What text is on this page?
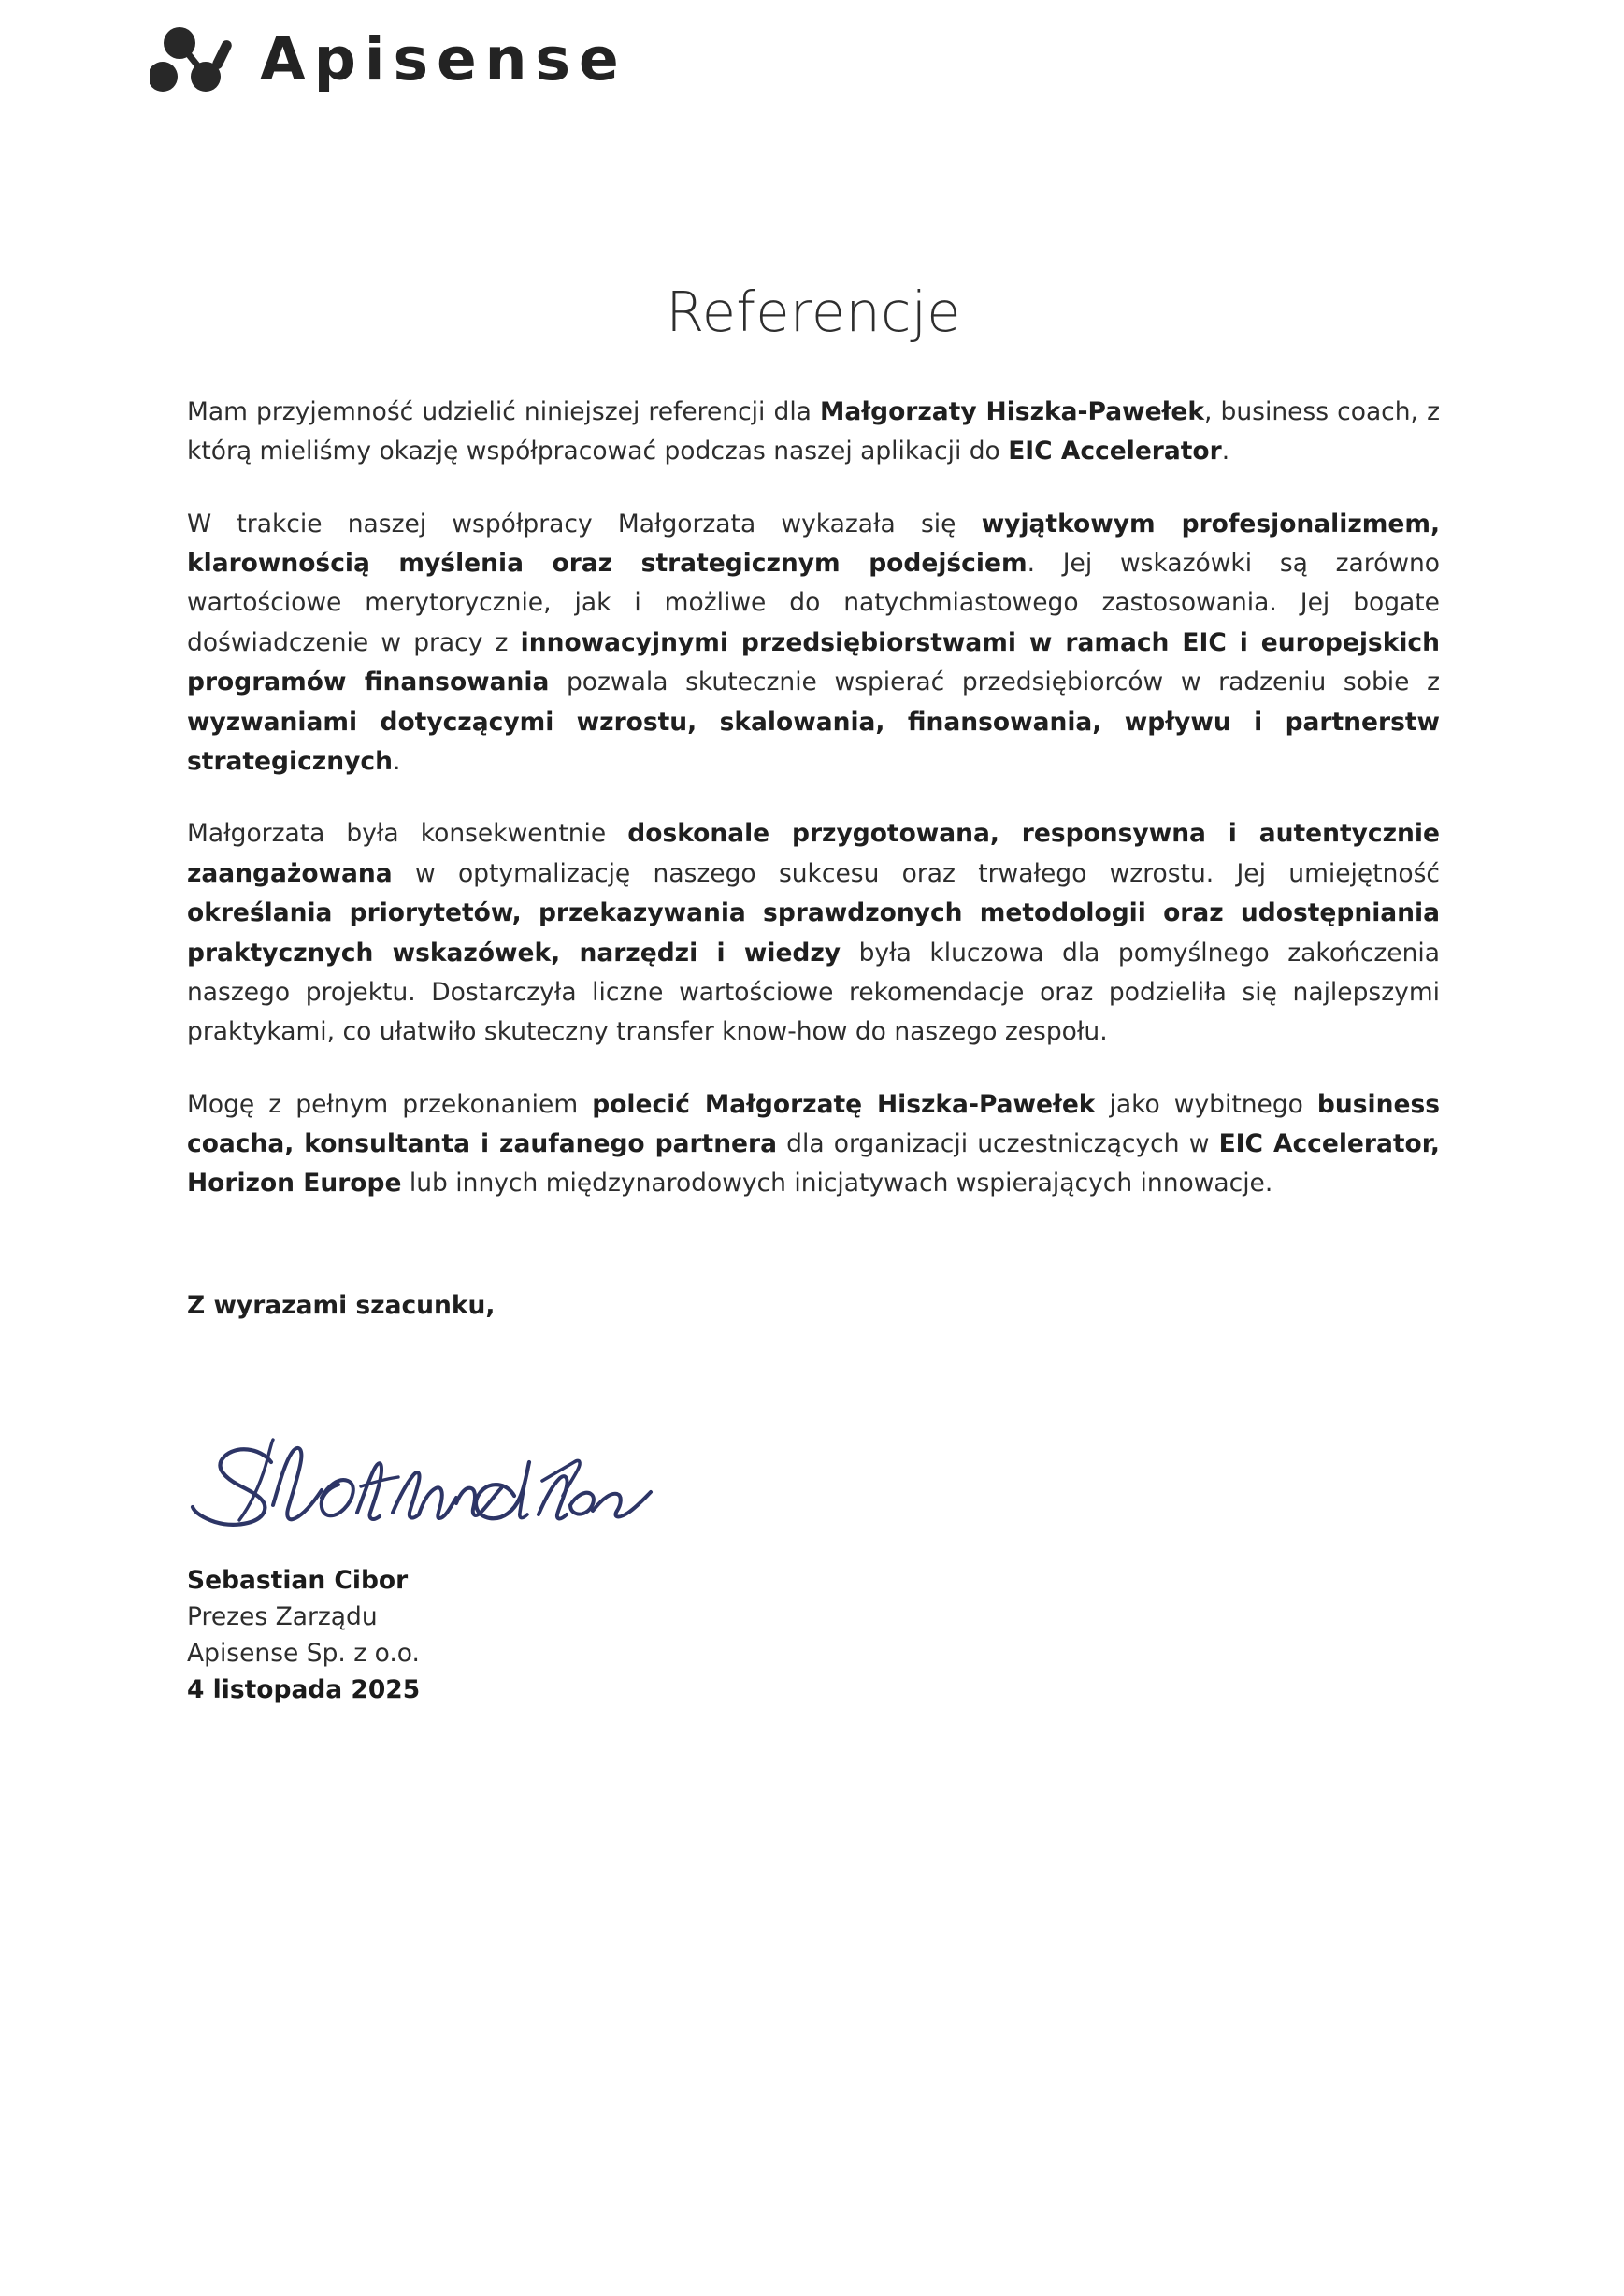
Apisense
Referencje

Mam przyjemność udzielić niniejszej referencji dla Małgorzaty Hiszka-Pawełek, business coach, z którą mieliśmy okazję współpracować podczas naszej aplikacji do EIC Accelerator.

W trakcie naszej współpracy Małgorzata wykazała się wyjątkowym profesjonalizmem, klarownością myślenia oraz strategicznym podejściem. Jej wskazówki są zarówno wartościowe merytorycznie, jak i możliwe do natychmiastowego zastosowania. Jej bogate doświadczenie w pracy z innowacyjnymi przedsiębiorstwami w ramach EIC i europejskich programów finansowania pozwala skutecznie wspierać przedsiębiorców w radzeniu sobie z wyzwaniami dotyczącymi wzrostu, skalowania, finansowania, wpływu i partnerstw strategicznych.

Małgorzata była konsekwentnie doskonale przygotowana, responsywna i autentycznie zaangażowana w optymalizację naszego sukcesu oraz trwałego wzrostu. Jej umiejętność określania priorytetów, przekazywania sprawdzonych metodologii oraz udostępniania praktycznych wskazówek, narzędzi i wiedzy była kluczowa dla pomyślnego zakończenia naszego projektu. Dostarczyła liczne wartościowe rekomendacje oraz podzieliła się najlepszymi praktykami, co ułatwiło skuteczny transfer know-how do naszego zespołu.

Mogę z pełnym przekonaniem polecić Małgorzatę Hiszka-Pawełek jako wybitnego business coacha, konsultanta i zaufanego partnera dla organizacji uczestniczących w EIC Accelerator, Horizon Europe lub innych międzynarodowych inicjatywach wspierających innowacje.

Z wyrazami szacunku,

Sebastian Cibor
Prezes Zarządu
Apisense Sp. z o.o.
4 listopada 2025
